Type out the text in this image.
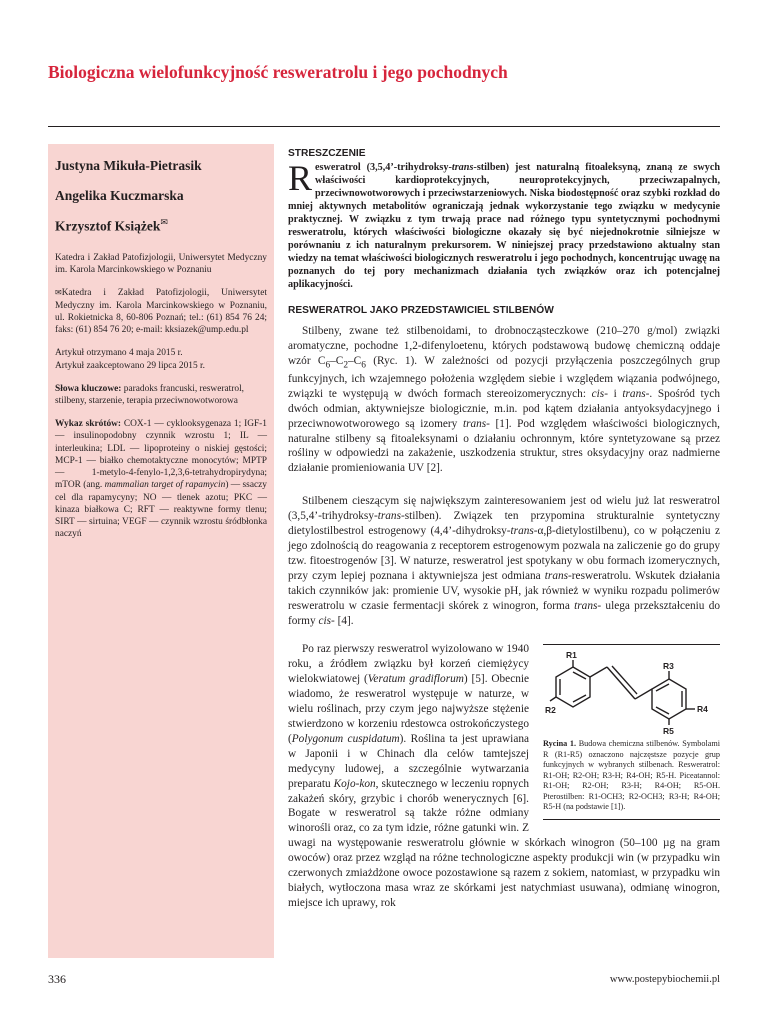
Biologiczna wielofunkcyjność resweratrolu i jego pochodnych

Justyna Mikuła-Pietrasik

Angelika Kuczmarska

Krzysztof Książek✉

Katedra i Zakład Patofizjologii, Uniwersytet Medyczny im. Karola Marcinkowskiego w Poznaniu

✉Katedra i Zakład Patofizjologii, Uniwersytet Medyczny im. Karola Marcinkowskiego w Poznaniu, ul. Rokietnicka 8, 60-806 Poznań; tel.: (61) 854 76 24; faks: (61) 854 76 20; e-mail: kksiazek@ump.edu.pl

Artykuł otrzymano 4 maja 2015 r.

Artykuł zaakceptowano 29 lipca 2015 r.

Słowa kluczowe: paradoks francuski, resweratrol, stilbeny, starzenie, terapia przeciwnowotworowa

Wykaz skrótów: COX-1 — cyklooksygenaza 1; IGF-1 — insulinopodobny czynnik wzrostu 1; IL — interleukina; LDL — lipoproteiny o niskiej gęstości; MCP-1 — białko chemotaktyczne monocytów; MPTP — 1-metylo-4-fenylo-1,2,3,6-tetrahydropirydyna; mTOR (ang. mammalian target of rapamycin) — ssaczy cel dla rapamycyny; NO — tlenek azotu; PKC — kinaza białkowa C; RFT — reaktywne formy tlenu; SIRT — sirtuina; VEGF — czynnik wzrostu śródbłonka naczyń

STRESZCZENIE

Resweratrol (3,5,4’-trihydroksy-trans-stilben) jest naturalną fitoaleksyną, znaną ze swych właściwości kardioprotekcyjnych, neuroprotekcyjnych, przeciwzapalnych, przeciwnowotworowych i przeciwstarzeniowych. Niska biodostępność oraz szybki rozkład do mniej aktywnych metabolitów ograniczają jednak wykorzystanie tego związku w medycynie praktycznej. W związku z tym trwają prace nad różnego typu syntetycznymi pochodnymi resweratrolu, których właściwości biologiczne okazały się być niejednokrotnie silniejsze w porównaniu z ich naturalnym prekursorem. W niniejszej pracy przedstawiono aktualny stan wiedzy na temat właściwości biologicznych resweratrolu i jego pochodnych, koncentrując uwagę na poznanych do tej pory mechanizmach działania tych związków oraz ich potencjalnej aplikacyjności.

RESWERATROL JAKO PRZEDSTAWICIEL STILBENÓW

Stilbeny, zwane też stilbenoidami, to drobnocząsteczkowe (210–270 g/mol) związki aromatyczne, pochodne 1,2-difenyloetenu, których podstawową budowę chemiczną oddaje wzór $C_6-C_2-C_6$ (Ryc. 1). W zależności od pozycji przyłączenia poszczególnych grup funkcyjnych, ich wzajemnego położenia względem siebie i względem wiązania podwójnego, związki te występują w dwóch formach stereoizomerycznych: cis- i trans-. Spośród tych dwóch odmian, aktywniejsze biologicznie, m.in. pod kątem działania antyoksydacyjnego i przeciwnowotworowego są izomery trans- [1]. Pod względem właściwości biologicznych, naturalne stilbeny są fitoaleksynami o działaniu ochronnym, które syntetyzowane są przez rośliny w odpowiedzi na zakażenie, uszkodzenia struktur, stres oksydacyjny oraz nadmierne działanie promieniowania UV [2].

Stilbenem cieszącym się największym zainteresowaniem jest od wielu już lat resweratrol (3,5,4’-trihydroksy-trans-stilben). Związek ten przypomina strukturalnie syntetyczny dietylostilbestrol estrogenowy (4,4’-dihydroksy-trans-α,β-dietylostilbenu), co w połączeniu z jego zdolnością do reagowania z receptorem estrogenowym pozwala na zaliczenie go do grupy tzw. fitoestrogenów [3]. W naturze, resweratrol jest spotykany w obu formach izomerycznych, przy czym lepiej poznana i aktywniejsza jest odmiana trans-resweratrolu. Wskutek działania takich czynników jak: promienie UV, wysokie pH, jak również w wyniku rozpadu polimerów resweratrolu w czasie fermentacji skórek z winogron, forma trans- ulega przekształceniu do formy cis- [4].

R1
R2
R3
R4
R5

Rycina 1. Budowa chemiczna stilbenów. Symbolami R (R1-R5) oznaczono najczęstsze pozycje grup funkcyjnych w wybranych stilbenach. Resweratrol: R1-OH; R2-OH; R3-H; R4-OH; R5-H. Piceatannol: R1-OH; R2-OH; R3-H; R4-OH; R5-OH. Pterostilben: R1-OCH3; R2-OCH3; R3-H; R4-OH; R5-H (na podstawie [1]).

Po raz pierwszy resweratrol wyizolowano w 1940 roku, a źródłem związku był korzeń ciemiężycy wielokwiatowej (Veratum gradiflorum) [5]. Obecnie wiadomo, że resweratrol występuje w naturze, w wielu roślinach, przy czym jego najwyższe stężenie stwierdzono w korzeniu rdestowca ostrokończystego (Polygonum cuspidatum). Roślina ta jest uprawiana w Japonii i w Chinach dla celów tamtejszej medycyny ludowej, a szczególnie wytwarzania preparatu Kojo-kon, skutecznego w leczeniu ropnych zakażeń skóry, grzybic i chorób wenerycznych [6]. Bogate w resweratrol są także różne odmiany winorośli oraz, co za tym idzie, różne gatunki win. Z uwagi na występowanie resweratrolu głównie w skórkach winogron (50–100 µg na gram owoców) oraz przez wzgląd na różne technologiczne aspekty produkcji win (w przypadku win czerwonych zmiażdżone owoce pozostawione są razem z sokiem, natomiast, w przypadku win białych, wytłoczona masa wraz ze skórkami jest natychmiast usuwana), odmianę winogron, miejsce ich uprawy, rok

336	www.postepybiochemii.pl
